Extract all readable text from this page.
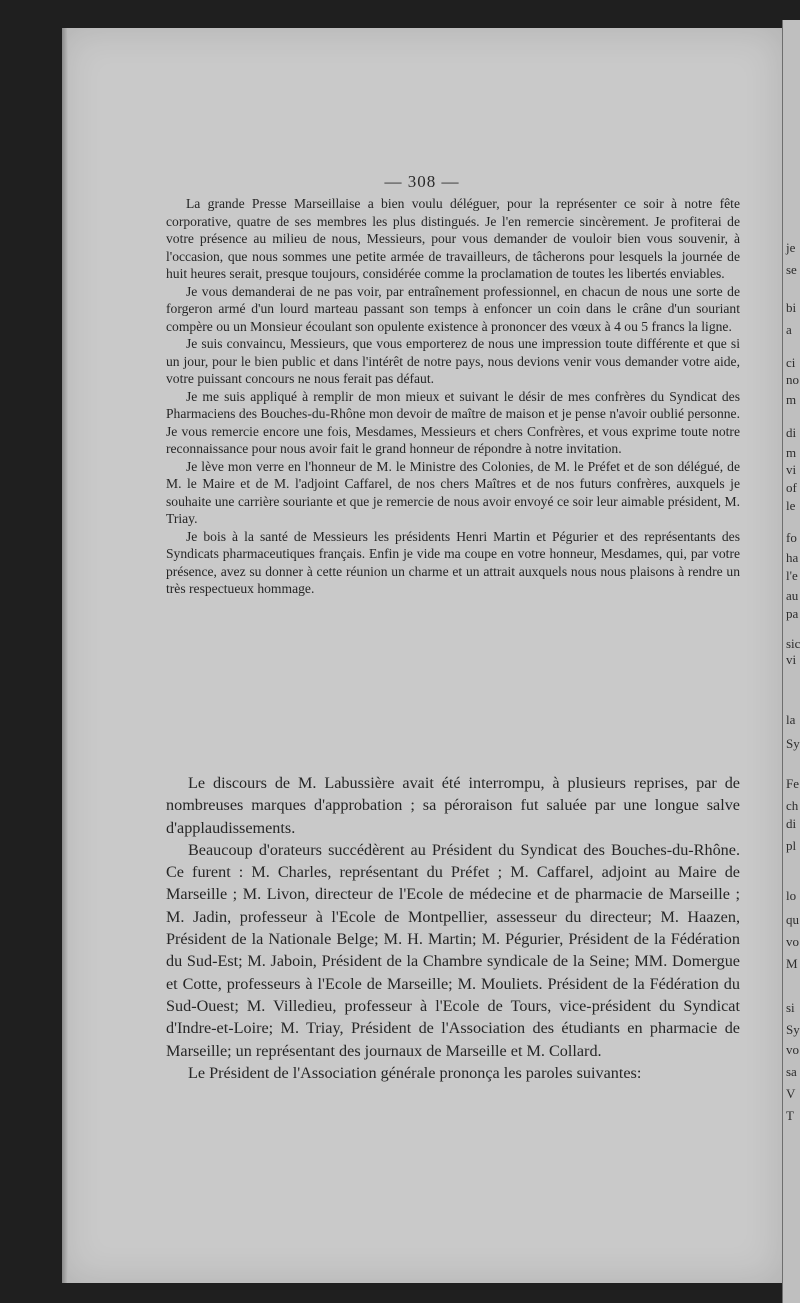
je
se
bi
a
ci
no
m
di
m
vi
of
le
fo
ha
l'e
au
pa
sic
vi
la
Sy
Fe
ch
di
pl
lo
qu
vo
M
si
Sy
vo
sa
V
T
— 308 —

La grande Presse Marseillaise a bien voulu déléguer, pour la représenter ce soir à notre fête corporative, quatre de ses membres les plus distingués. Je l'en remercie sincèrement. Je profiterai de votre présence au milieu de nous, Messieurs, pour vous demander de vouloir bien vous souvenir, à l'occasion, que nous sommes une petite armée de travailleurs, de tâcherons pour lesquels la journée de huit heures serait, presque toujours, considérée comme la proclamation de toutes les libertés enviables.

Je vous demanderai de ne pas voir, par entraînement professionnel, en chacun de nous une sorte de forgeron armé d'un lourd marteau passant son temps à enfoncer un coin dans le crâne d'un souriant compère ou un Monsieur écoulant son opulente existence à prononcer des vœux à 4 ou 5 francs la ligne.

Je suis convaincu, Messieurs, que vous emporterez de nous une impression toute différente et que si un jour, pour le bien public et dans l'intérêt de notre pays, nous devions venir vous demander votre aide, votre puissant concours ne nous ferait pas défaut.

Je me suis appliqué à remplir de mon mieux et suivant le désir de mes confrères du Syndicat des Pharmaciens des Bouches-du-Rhône mon devoir de maître de maison et je pense n'avoir oublié personne. Je vous remercie encore une fois, Mesdames, Messieurs et chers Confrères, et vous exprime toute notre reconnaissance pour nous avoir fait le grand honneur de répondre à notre invitation.

Je lève mon verre en l'honneur de M. le Ministre des Colonies, de M. le Préfet et de son délégué, de M. le Maire et de M. l'adjoint Caffarel, de nos chers Maîtres et de nos futurs confrères, auxquels je souhaite une carrière souriante et que je remercie de nous avoir envoyé ce soir leur aimable président, M. Triay.

Je bois à la santé de Messieurs les présidents Henri Martin et Pégurier et des représentants des Syndicats pharmaceutiques français. Enfin je vide ma coupe en votre honneur, Mesdames, qui, par votre présence, avez su donner à cette réunion un charme et un attrait auxquels nous nous plaisons à rendre un très respectueux hommage.

Le discours de M. Labussière avait été interrompu, à plusieurs reprises, par de nombreuses marques d'approbation ; sa péroraison fut saluée par une longue salve d'applaudissements.

Beaucoup d'orateurs succédèrent au Président du Syndicat des Bouches-du-Rhône. Ce furent : M. Charles, représentant du Préfet ; M. Caffarel, adjoint au Maire de Marseille ; M. Livon, directeur de l'Ecole de médecine et de pharmacie de Marseille ; M. Jadin, professeur à l'Ecole de Montpellier, assesseur du directeur; M. Haazen, Président de la Nationale Belge; M. H. Martin; M. Pégurier, Président de la Fédération du Sud-Est; M. Jaboin, Président de la Chambre syndicale de la Seine; MM. Domergue et Cotte, professeurs à l'Ecole de Marseille; M. Mouliets. Président de la Fédération du Sud-Ouest; M. Villedieu, professeur à l'Ecole de Tours, vice-président du Syndicat d'Indre-et-Loire; M. Triay, Président de l'Association des étudiants en pharmacie de Marseille; un représentant des journaux de Marseille et M. Collard.

Le Président de l'Association générale prononça les paroles suivantes:
